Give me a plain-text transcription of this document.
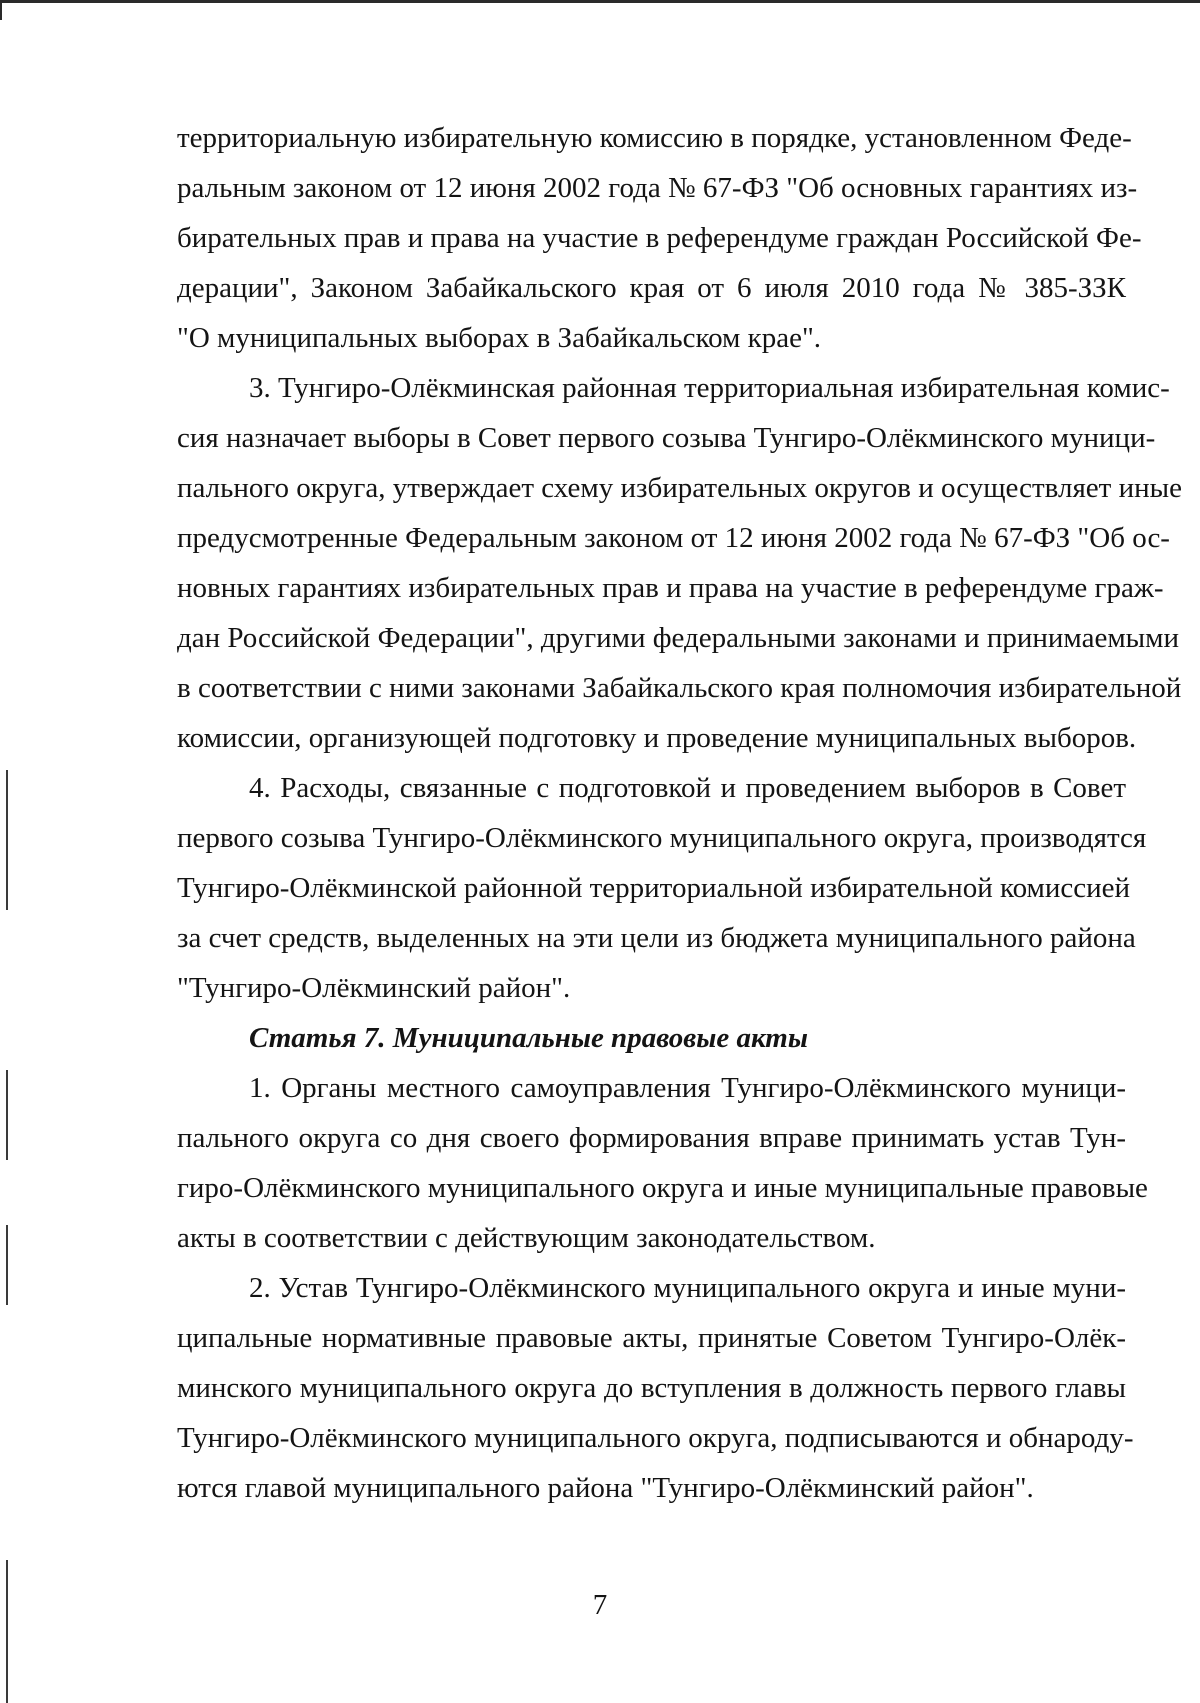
территориальную избирательную комиссию в порядке, установленном Феде-
ральным законом от 12 июня 2002 года № 67-ФЗ "Об основных гарантиях из-
бирательных прав и права на участие в референдуме граждан Российской Фе-
дерации", Законом Забайкальского края от 6 июля 2010 года № 385-ЗЗК
"О муниципальных выборах в Забайкальском крае".
3. Тунгиро-Олёкминская районная территориальная избирательная комис-
сия назначает выборы в Совет первого созыва Тунгиро-Олёкминского муници-
пального округа, утверждает схему избирательных округов и осуществляет иные
предусмотренные Федеральным законом от 12 июня 2002 года № 67-ФЗ "Об ос-
новных гарантиях избирательных прав и права на участие в референдуме граж-
дан Российской Федерации", другими федеральными законами и принимаемыми
в соответствии с ними законами Забайкальского края полномочия избирательной
комиссии, организующей подготовку и проведение муниципальных выборов.
4. Расходы, связанные с подготовкой и проведением выборов в Совет
первого созыва Тунгиро-Олёкминского муниципального округа, производятся
Тунгиро-Олёкминской районной территориальной избирательной комиссией
за счет средств, выделенных на эти цели из бюджета муниципального района
"Тунгиро-Олёкминский район".
Статья 7. Муниципальные правовые акты
1. Органы местного самоуправления Тунгиро-Олёкминского муници-
пального округа со дня своего формирования вправе принимать устав Тун-
гиро-Олёкминского муниципального округа и иные муниципальные правовые
акты в соответствии с действующим законодательством.
2. Устав Тунгиро-Олёкминского муниципального округа и иные муни-
ципальные нормативные правовые акты, принятые Советом Тунгиро-Олёк-
минского муниципального округа до вступления в должность первого главы
Тунгиро-Олёкминского муниципального округа, подписываются и обнароду-
ются главой муниципального района "Тунгиро-Олёкминский район".
7
